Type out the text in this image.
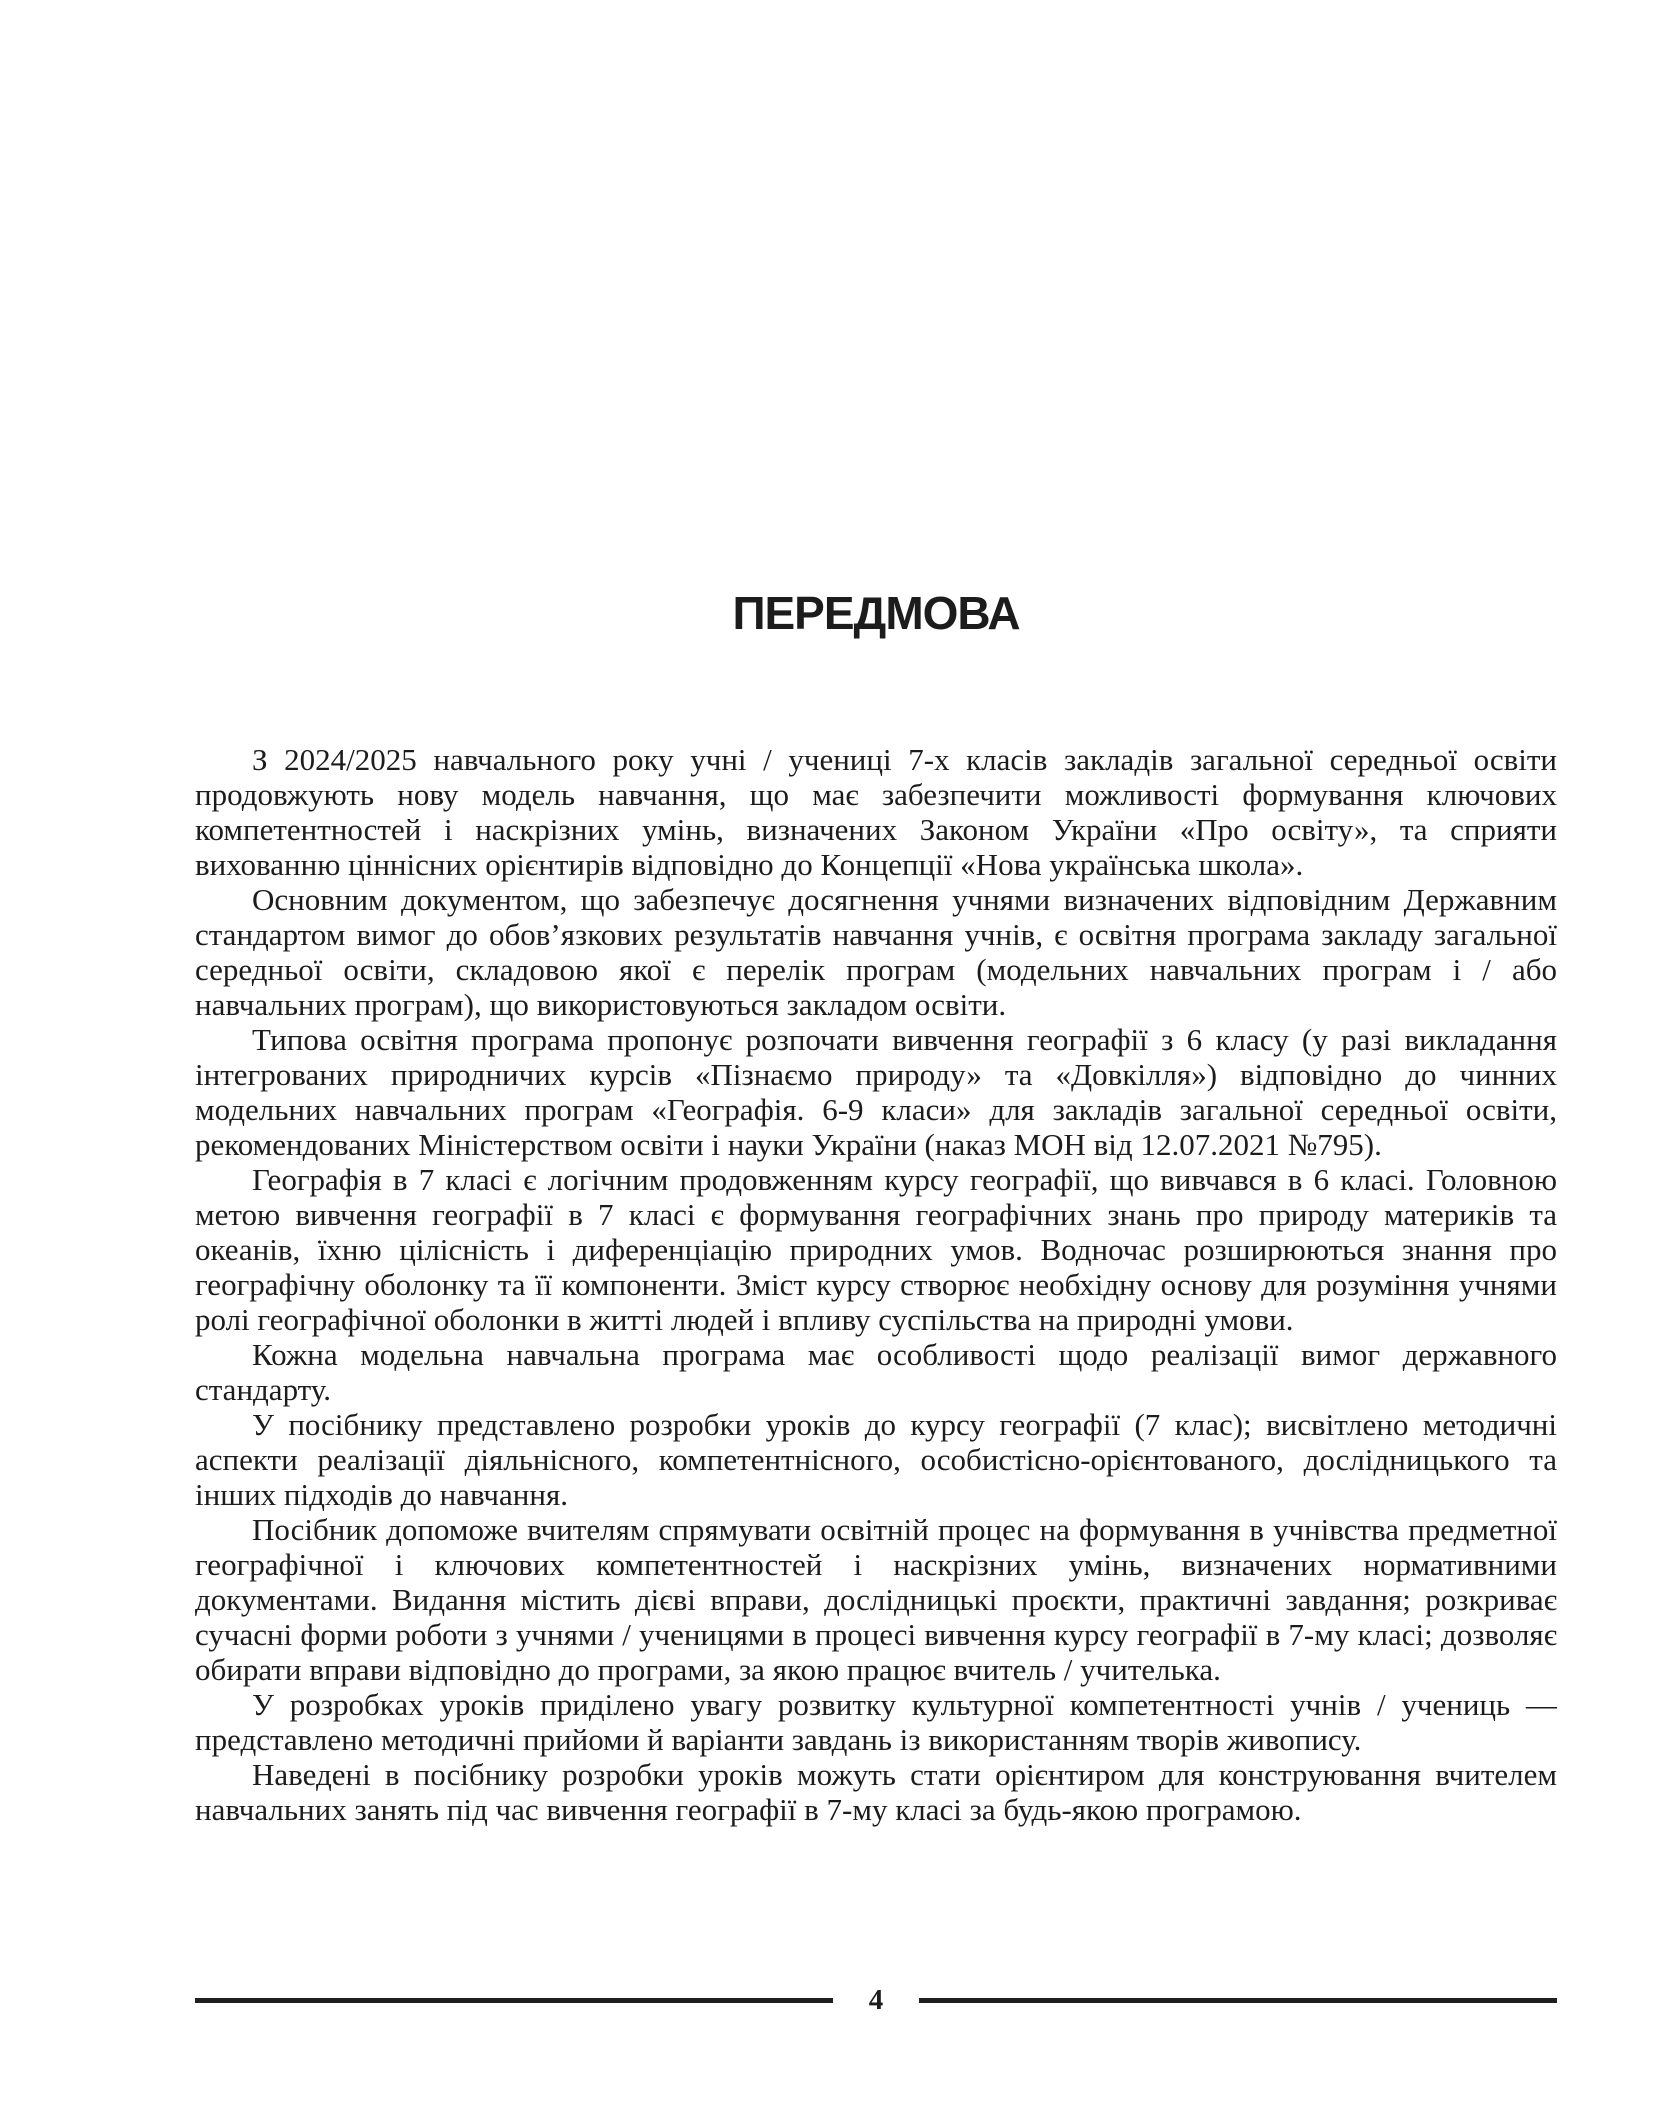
ПЕРЕДМОВА

З 2024/2025 навчального року учні / учениці 7-х класів закладів загальної середньої освіти продовжують нову модель навчання, що має забезпечити можливості формування ключових компетентностей і наскрізних умінь, визначених Законом України «Про освіту», та сприяти вихованню ціннісних орієнтирів відповідно до Концепції «Нова українська школа».

Основним документом, що забезпечує досягнення учнями визначених відповідним Державним стандартом вимог до обов’язкових результатів навчання учнів, є освітня програма закладу загальної середньої освіти, складовою якої є перелік програм (модельних навчальних програм і / або навчальних програм), що використовуються закладом освіти.

Типова освітня програма пропонує розпочати вивчення географії з 6 класу (у разі викладання інтегрованих природничих курсів «Пізнаємо природу» та «Довкілля») відповідно до чинних модельних навчальних програм «Географія. 6-9 класи» для закладів загальної середньої освіти, рекомендованих Міністерством освіти і науки України (наказ МОН від 12.07.2021 №795).

Географія в 7 класі є логічним продовженням курсу географії, що вивчався в 6 класі. Головною метою вивчення географії в 7 класі є формування географічних знань про природу материків та океанів, їхню цілісність і диференціацію природних умов. Водночас розширюються знання про географічну оболонку та її компоненти. Зміст курсу створює необхідну основу для розуміння учнями ролі географічної оболонки в житті людей і впливу суспільства на природні умови.

Кожна модельна навчальна програма має особливості щодо реалізації вимог державного стандарту.

У посібнику представлено розробки уроків до курсу географії (7 клас); висвітлено методичні аспекти реалізації діяльнісного, компетентнісного, особистісно-орієнтованого, дослідницького та інших підходів до навчання.

Посібник допоможе вчителям спрямувати освітній процес на формування в учнівства предметної географічної і ключових компетентностей і наскрізних умінь, визначених нормативними документами. Видання містить дієві вправи, дослідницькі проєкти, практичні завдання; розкриває сучасні форми роботи з учнями / ученицями в процесі вивчення курсу географії в 7-му класі; дозволяє обирати вправи відповідно до програми, за якою працює вчитель / учителька.

У розробках уроків приділено увагу розвитку культурної компетентності учнів / учениць — представлено методичні прийоми й варіанти завдань із використанням творів живопису.

Наведені в посібнику розробки уроків можуть стати орієнтиром для конструювання вчителем навчальних занять під час вивчення географії в 7-му класі за будь-якою програмою.

4
